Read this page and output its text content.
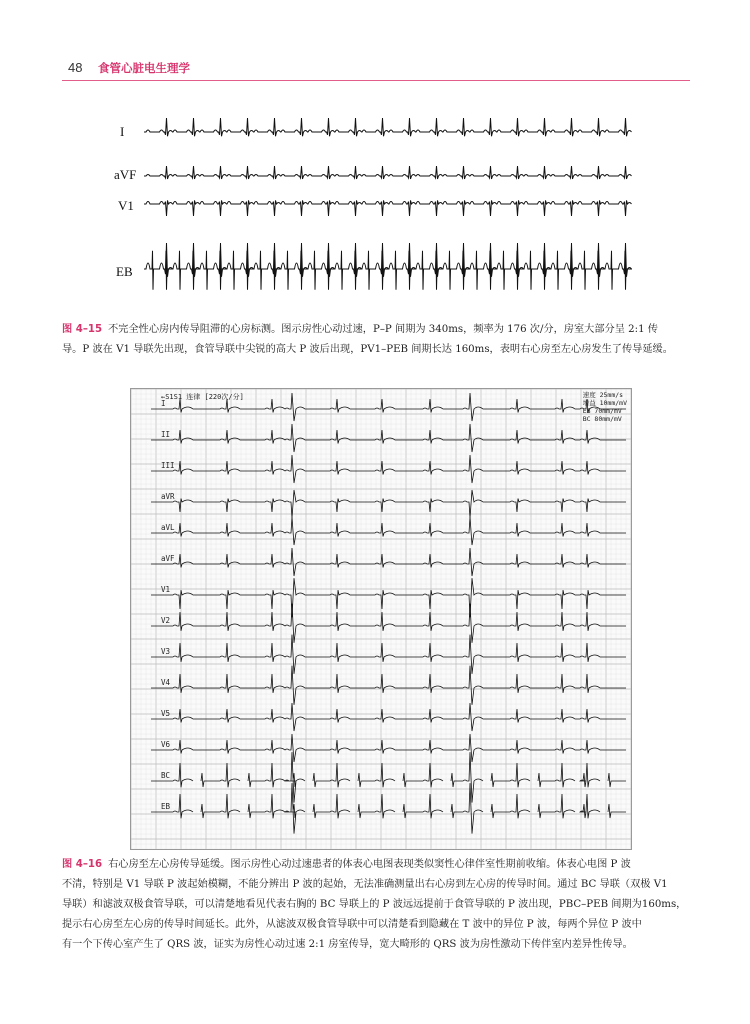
48 食管心脏电生理学
I
aVF
V1
EB
图 4–15 不完全性心房内传导阻滞的心房标测。图示房性心动过速，P–P 间期为 340ms，频率为 176 次/分，房室大部分呈 2:1 传
导。P 波在 V1 导联先出现，食管导联中尖锐的高大 P 波后出现，PV1–PEB 间期长达 160ms，表明右心房至左心房发生了传导延缓。
←S1S1 连律 [220次/分]	速度 25mm/s
增益 10mm/mV
EB 70mm/mV
BC 80mm/mV
I
II
III
aVR
aVL
aVF
V1
V2
V3
V4
V5
V6
BC
EB
图 4–16 右心房至左心房传导延缓。图示房性心动过速患者的体表心电图表现类似窦性心律伴室性期前收缩。体表心电图 P 波
不清，特别是 V1 导联 P 波起始模糊，不能分辨出 P 波的起始，无法准确测量出右心房到左心房的传导时间。通过 BC 导联（双极 V1
导联）和滤波双极食管导联，可以清楚地看见代表右胸的 BC 导联上的 P 波远远提前于食管导联的 P 波出现，PBC–PEB 间期为160ms，
提示右心房至左心房的传导时间延长。此外，从滤波双极食管导联中可以清楚看到隐藏在 T 波中的异位 P 波，每两个异位 P 波中
有一个下传心室产生了 QRS 波，证实为房性心动过速 2:1 房室传导，宽大畸形的 QRS 波为房性激动下传伴室内差异性传导。
